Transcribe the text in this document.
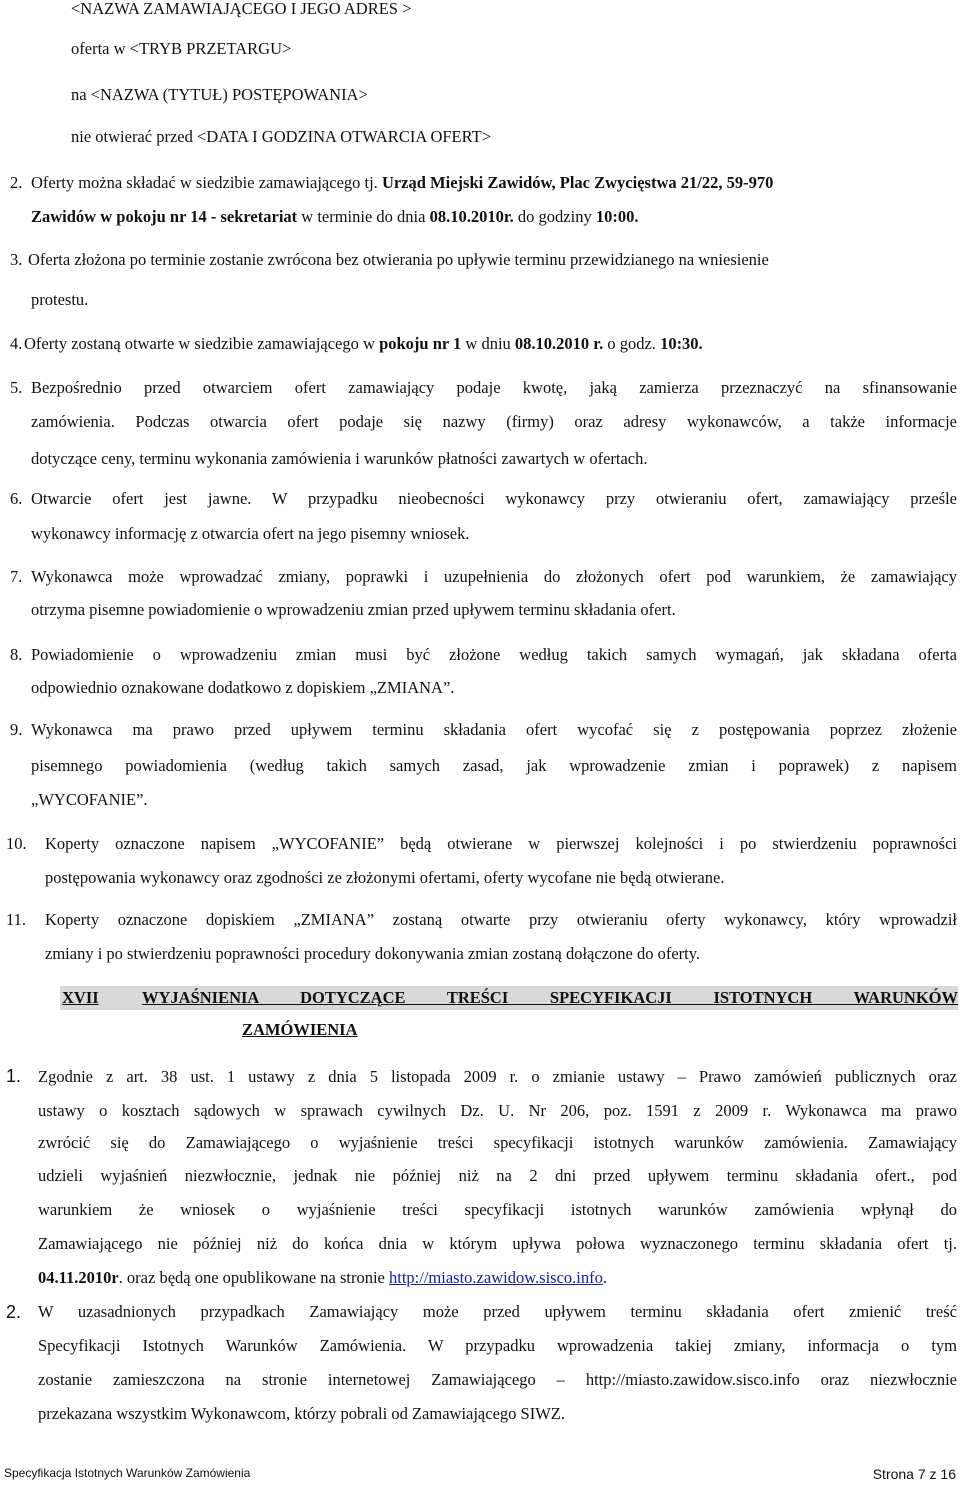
<NAZWA ZAMAWIAJĄCEGO I JEGO ADRES >
oferta w <TRYB PRZETARGU>
na <NAZWA (TYTUŁ) POSTĘPOWANIA>
nie otwierać przed <DATA I GODZINA OTWARCIA OFERT>
2. Oferty można składać w siedzibie zamawiającego tj. Urząd Miejski Zawidów, Plac Zwycięstwa 21/22, 59-970
Zawidów w pokoju nr 14 - sekretariat w terminie do dnia 08.10.2010r. do godziny 10:00.
3. Oferta złożona po terminie zostanie zwrócona bez otwierania po upływie terminu przewidzianego na wniesienie
protestu.
4. Oferty zostaną otwarte w siedzibie zamawiającego w pokoju nr 1 w dniu 08.10.2010 r. o godz. 10:30.
5. Bezpośrednio przed otwarciem ofert zamawiający podaje kwotę, jaką zamierza przeznaczyć na sfinansowanie
zamówienia. Podczas otwarcia ofert podaje się nazwy (firmy) oraz adresy wykonawców, a także informacje
dotyczące ceny, terminu wykonania zamówienia i warunków płatności zawartych w ofertach.
6. Otwarcie ofert jest jawne. W przypadku nieobecności wykonawcy przy otwieraniu ofert, zamawiający prześle
wykonawcy informację z otwarcia ofert na jego pisemny wniosek.
7. Wykonawca może wprowadzać zmiany, poprawki i uzupełnienia do złożonych ofert pod warunkiem, że zamawiający
otrzyma pisemne powiadomienie o wprowadzeniu zmian przed upływem terminu składania ofert.
8. Powiadomienie o wprowadzeniu zmian musi być złożone według takich samych wymagań, jak składana oferta
odpowiednio oznakowane dodatkowo z dopiskiem „ZMIANA”.
9. Wykonawca ma prawo przed upływem terminu składania ofert wycofać się z postępowania poprzez złożenie
pisemnego powiadomienia (według takich samych zasad, jak wprowadzenie zmian i poprawek) z napisem
„WYCOFANIE”.
10. Koperty oznaczone napisem „WYCOFANIE” będą otwierane w pierwszej kolejności i po stwierdzeniu poprawności
postępowania wykonawcy oraz zgodności ze złożonymi ofertami, oferty wycofane nie będą otwierane.
11. Koperty oznaczone dopiskiem „ZMIANA” zostaną otwarte przy otwieraniu oferty wykonawcy, który wprowadził
zmiany i po stwierdzeniu poprawności procedury dokonywania zmian zostaną dołączone do oferty.
XVII	WYJAŚNIENIA DOTYCZĄCE TREŚCI SPECYFIKACJI ISTOTNYCH WARUNKÓW
ZAMÓWIENIA
1. Zgodnie z art. 38 ust. 1 ustawy z dnia 5 listopada 2009 r. o zmianie ustawy – Prawo zamówień publicznych oraz
ustawy o kosztach sądowych w sprawach cywilnych Dz. U. Nr 206, poz. 1591 z 2009 r. Wykonawca ma prawo
zwrócić się do Zamawiającego o wyjaśnienie treści specyfikacji istotnych warunków zamówienia. Zamawiający
udzieli wyjaśnień niezwłocznie, jednak nie później niż na 2 dni przed upływem terminu składania ofert., pod
warunkiem że wniosek o wyjaśnienie treści specyfikacji istotnych warunków zamówienia wpłynął do
Zamawiającego nie później niż do końca dnia w którym upływa połowa wyznaczonego terminu składania ofert tj.
04.11.2010r. oraz będą one opublikowane na stronie http://miasto.zawidow.sisco.info.
2. W uzasadnionych przypadkach Zamawiający może przed upływem terminu składania ofert zmienić treść
Specyfikacji Istotnych Warunków Zamówienia. W przypadku wprowadzenia takiej zmiany, informacja o tym
zostanie zamieszczona na stronie internetowej Zamawiającego – http://miasto.zawidow.sisco.info oraz niezwłocznie
przekazana wszystkim Wykonawcom, którzy pobrali od Zamawiającego SIWZ.
Specyfikacja Istotnych Warunków Zamówienia	Strona 7 z 16
